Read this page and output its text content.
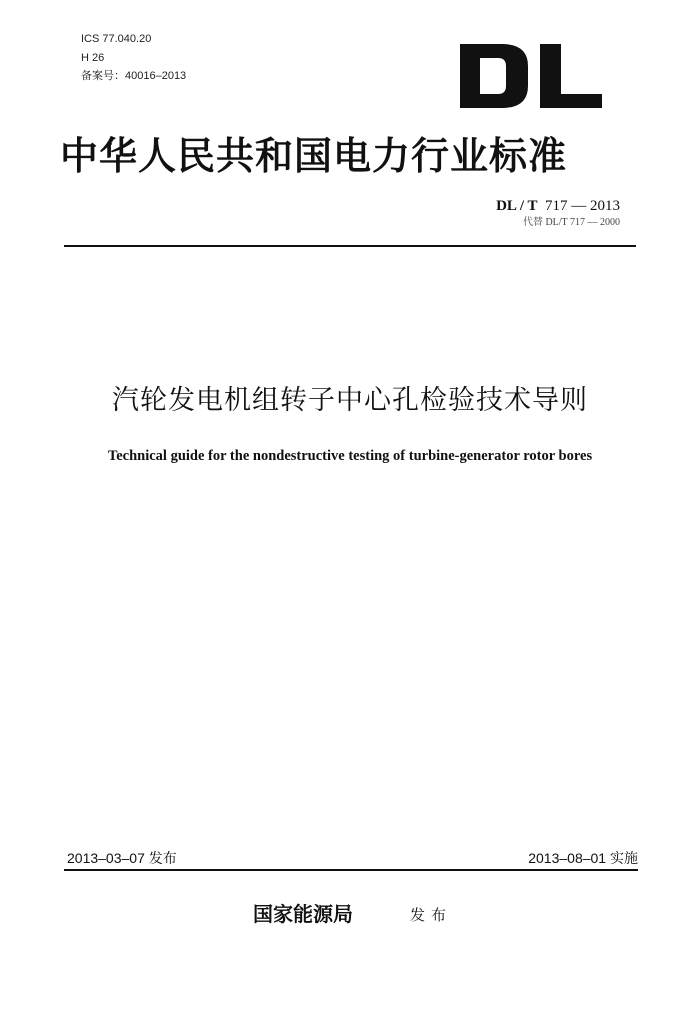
ICS 77.040.20
H 26
备案号：40016–2013
中华人民共和国电力行业标准
DL / T 717 — 2013
代替 DL/T 717 — 2000
汽轮发电机组转子中心孔检验技术导则
Technical guide for the nondestructive testing of turbine-generator rotor bores
2013–03–07 发布	2013–08–01 实施
国家能源局	发布
